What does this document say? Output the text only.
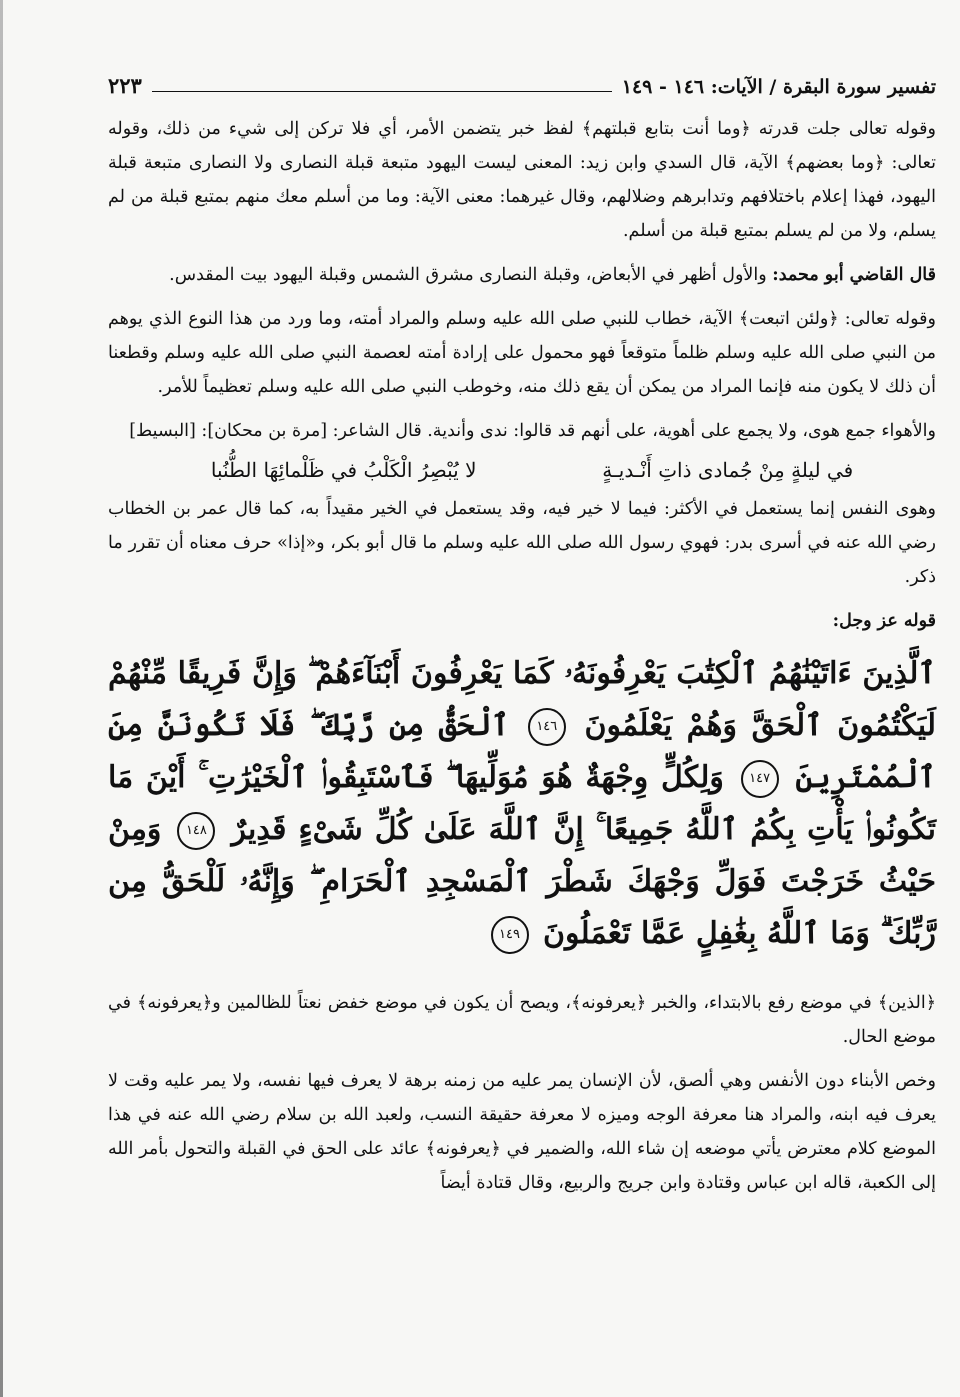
تفسير سورة البقرة / الآيات: ١٤٦ - ١٤٩
٢٢٣

وقوله تعالى جلت قدرته ﴿وما أنت بتابع قبلتهم﴾ لفظ خبر يتضمن الأمر، أي فلا تركن إلى شيء من ذلك، وقوله تعالى: ﴿وما بعضهم﴾ الآية، قال السدي وابن زيد: المعنى ليست اليهود متبعة قبلة النصارى ولا النصارى متبعة قبلة اليهود، فهذا إعلام باختلافهم وتدابرهم وضلالهم، وقال غيرهما: معنى الآية: وما من أسلم معك منهم بمتبع قبلة من لم يسلم، ولا من لم يسلم بمتبع قبلة من أسلم.

قال القاضي أبو محمد: والأول أظهر في الأبعاض، وقبلة النصارى مشرق الشمس وقبلة اليهود بيت المقدس.

وقوله تعالى: ﴿ولئن اتبعت﴾ الآية، خطاب للنبي صلى الله عليه وسلم والمراد أمته، وما ورد من هذا النوع الذي يوهم من النبي صلى الله عليه وسلم ظلماً متوقعاً فهو محمول على إرادة أمته لعصمة النبي صلى الله عليه وسلم وقطعنا أن ذلك لا يكون منه فإنما المراد من يمكن أن يقع ذلك منه، وخوطب النبي صلى الله عليه وسلم تعظيماً للأمر.

والأهواء جمع هوى، ولا يجمع على أهوية، على أنهم قد قالوا: ندى وأندية. قال الشاعر: [مرة بن محكان]: [البسيط]

في ليلةٍ مِنْ جُمادى ذاتِ أَنْـديـةٍ
لا يُبْصِرُ الْكَلْبُ في ظَلْمائِهَا الطُّنُبا

وهوى النفس إنما يستعمل في الأكثر: فيما لا خير فيه، وقد يستعمل في الخير مقيداً به، كما قال عمر بن الخطاب رضي الله عنه في أسرى بدر: فهوي رسول الله صلى الله عليه وسلم ما قال أبو بكر، و«إذا» حرف معناه أن تقرر ما ذكر.

قوله عز وجل:
ٱلَّذِينَ ءَاتَيْنَٰهُمُ ٱلْكِتَٰبَ يَعْرِفُونَهُۥ كَمَا يَعْرِفُونَ أَبْنَآءَهُمْ ۖ وَإِنَّ فَرِيقًا مِّنْهُمْ لَيَكْتُمُونَ ٱلْحَقَّ وَهُمْ يَعْلَمُونَ ١٤٦ ٱلْحَقُّ مِن رَّبِّكَ ۖ فَلَا تَكُونَنَّ مِنَ ٱلْمُمْتَرِينَ ١٤٧ وَلِكُلٍّ وِجْهَةٌ هُوَ مُوَلِّيهَا ۖ فَٱسْتَبِقُوا۟ ٱلْخَيْرَٰتِ ۚ أَيْنَ مَا تَكُونُوا۟ يَأْتِ بِكُمُ ٱللَّهُ جَمِيعًا ۚ إِنَّ ٱللَّهَ عَلَىٰ كُلِّ شَىْءٍ قَدِيرٌ ١٤٨ وَمِنْ حَيْثُ خَرَجْتَ فَوَلِّ وَجْهَكَ شَطْرَ ٱلْمَسْجِدِ ٱلْحَرَامِ ۖ وَإِنَّهُۥ لَلْحَقُّ مِن رَّبِّكَ ۗ وَمَا ٱللَّهُ بِغَٰفِلٍ عَمَّا تَعْمَلُونَ ١٤٩

﴿الذين﴾ في موضع رفع بالابتداء، والخبر ﴿يعرفونه﴾، ويصح أن يكون في موضع خفض نعتاً للظالمين و﴿يعرفونه﴾ في موضع الحال.

وخص الأبناء دون الأنفس وهي ألصق، لأن الإنسان يمر عليه من زمنه برهة لا يعرف فيها نفسه، ولا يمر عليه وقت لا يعرف فيه ابنه، والمراد هنا معرفة الوجه وميزه لا معرفة حقيقة النسب، ولعبد الله بن سلام رضي الله عنه في هذا الموضع كلام معترض يأتي موضعه إن شاء الله، والضمير في ﴿يعرفونه﴾ عائد على الحق في القبلة والتحول بأمر الله إلى الكعبة، قاله ابن عباس وقتادة وابن جريج والربيع، وقال قتادة أيضاً
